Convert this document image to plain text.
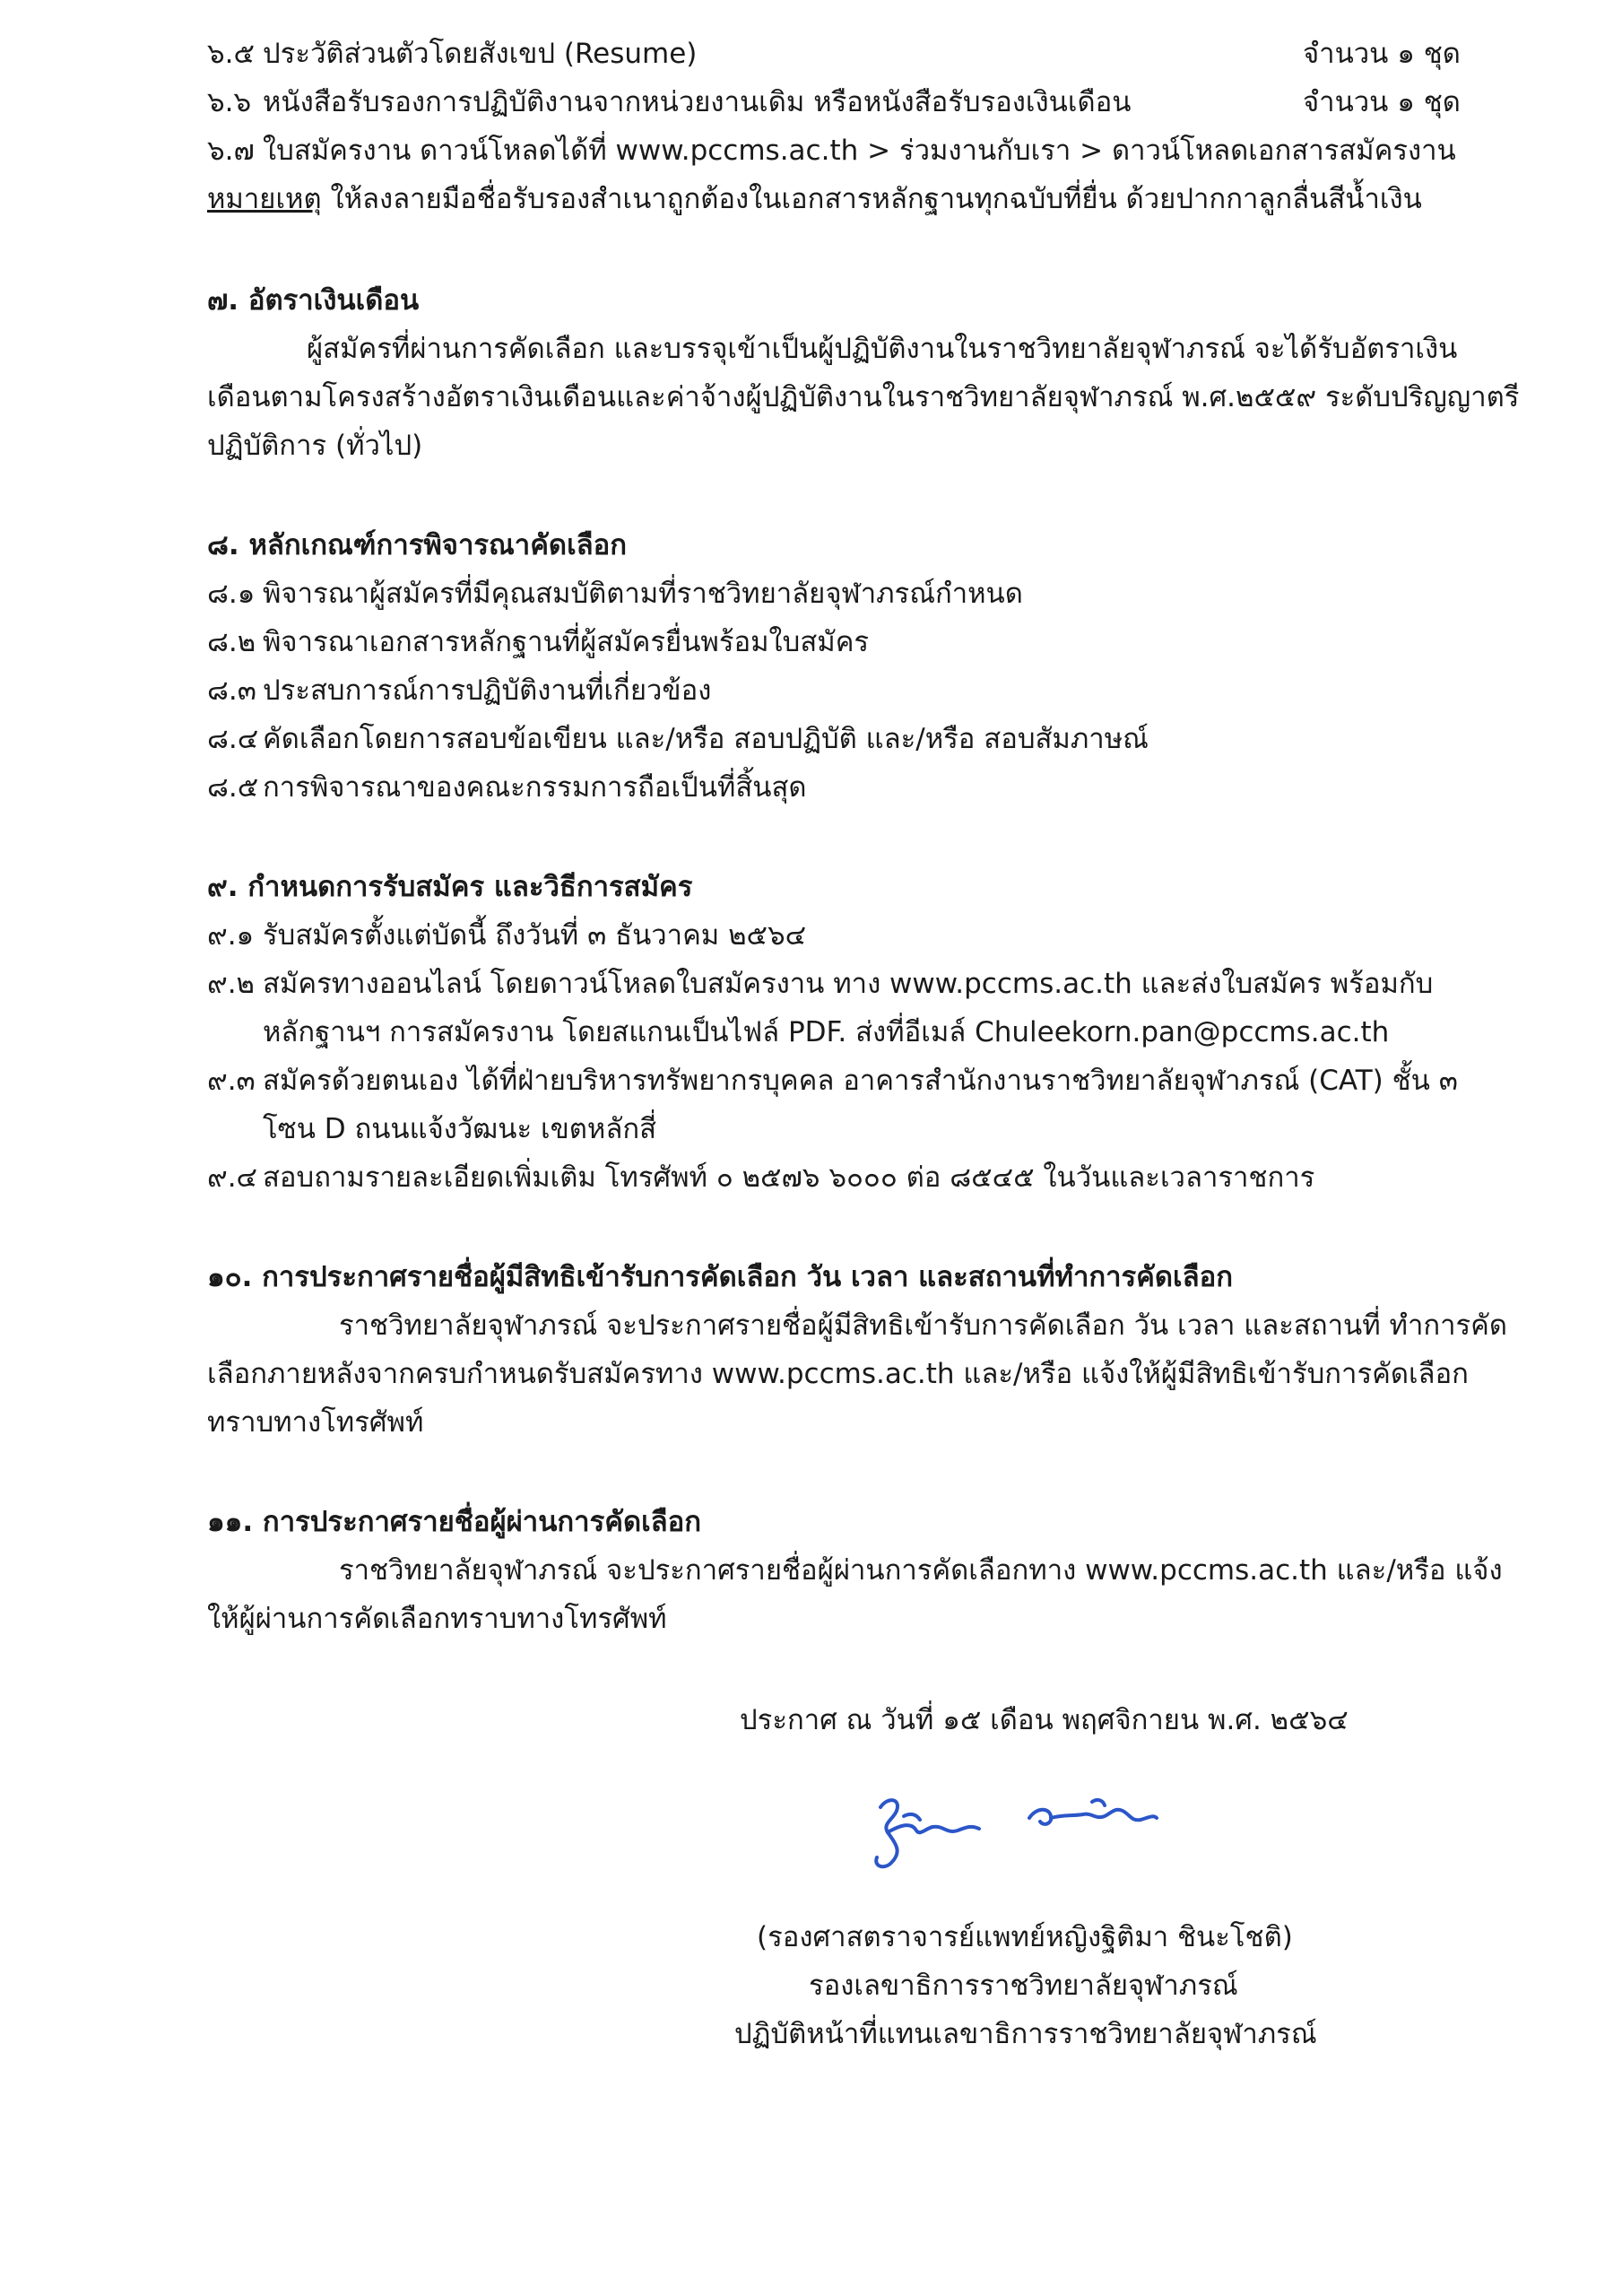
๖.๕ ประวัติส่วนตัวโดยสังเขป (Resume)	จำนวน ๑ ชุด
๖.๖ หนังสือรับรองการปฏิบัติงานจากหน่วยงานเดิม หรือหนังสือรับรองเงินเดือน	จำนวน ๑ ชุด
๖.๗ ใบสมัครงาน ดาวน์โหลดได้ที่ www.pccms.ac.th > ร่วมงานกับเรา > ดาวน์โหลดเอกสารสมัครงาน
หมายเหตุ ให้ลงลายมือชื่อรับรองสำเนาถูกต้องในเอกสารหลักฐานทุกฉบับที่ยื่น ด้วยปากกาลูกลื่นสีน้ำเงิน
๗. อัตราเงินเดือน
ผู้สมัครที่ผ่านการคัดเลือก และบรรจุเข้าเป็นผู้ปฏิบัติงานในราชวิทยาลัยจุฬาภรณ์ จะได้รับอัตราเงิน
เดือนตามโครงสร้างอัตราเงินเดือนและค่าจ้างผู้ปฏิบัติงานในราชวิทยาลัยจุฬาภรณ์ พ.ศ.๒๕๕๙ ระดับปริญญาตรี
ปฏิบัติการ (ทั่วไป)
๘. หลักเกณฑ์การพิจารณาคัดเลือก
๘.๑ พิจารณาผู้สมัครที่มีคุณสมบัติตามที่ราชวิทยาลัยจุฬาภรณ์กำหนด
๘.๒ พิจารณาเอกสารหลักฐานที่ผู้สมัครยื่นพร้อมใบสมัคร
๘.๓ ประสบการณ์การปฏิบัติงานที่เกี่ยวข้อง
๘.๔ คัดเลือกโดยการสอบข้อเขียน และ/หรือ สอบปฏิบัติ และ/หรือ สอบสัมภาษณ์
๘.๕ การพิจารณาของคณะกรรมการถือเป็นที่สิ้นสุด
๙. กำหนดการรับสมัคร และวิธีการสมัคร
๙.๑ รับสมัครตั้งแต่บัดนี้ ถึงวันที่ ๓ ธันวาคม ๒๕๖๔
๙.๒ สมัครทางออนไลน์ โดยดาวน์โหลดใบสมัครงาน ทาง www.pccms.ac.th และส่งใบสมัคร พร้อมกับ
หลักฐานฯ การสมัครงาน โดยสแกนเป็นไฟล์ PDF. ส่งที่อีเมล์ Chuleekorn.pan@pccms.ac.th
๙.๓ สมัครด้วยตนเอง ได้ที่ฝ่ายบริหารทรัพยากรบุคคล อาคารสำนักงานราชวิทยาลัยจุฬาภรณ์ (CAT) ชั้น ๓
โซน D ถนนแจ้งวัฒนะ เขตหลักสี่
๙.๔ สอบถามรายละเอียดเพิ่มเติม โทรศัพท์ ๐ ๒๕๗๖ ๖๐๐๐ ต่อ ๘๕๔๕ ในวันและเวลาราชการ
๑๐. การประกาศรายชื่อผู้มีสิทธิเข้ารับการคัดเลือก วัน เวลา และสถานที่ทำการคัดเลือก
ราชวิทยาลัยจุฬาภรณ์ จะประกาศรายชื่อผู้มีสิทธิเข้ารับการคัดเลือก วัน เวลา และสถานที่ ทำการคัด
เลือกภายหลังจากครบกำหนดรับสมัครทาง www.pccms.ac.th และ/หรือ แจ้งให้ผู้มีสิทธิเข้ารับการคัดเลือก
ทราบทางโทรศัพท์
๑๑. การประกาศรายชื่อผู้ผ่านการคัดเลือก
ราชวิทยาลัยจุฬาภรณ์ จะประกาศรายชื่อผู้ผ่านการคัดเลือกทาง www.pccms.ac.th และ/หรือ แจ้ง
ให้ผู้ผ่านการคัดเลือกทราบทางโทรศัพท์
ประกาศ ณ วันที่ ๑๕ เดือน พฤศจิกายน พ.ศ. ๒๕๖๔
(รองศาสตราจารย์แพทย์หญิงฐิติมา ชินะโชติ)
รองเลขาธิการราชวิทยาลัยจุฬาภรณ์
ปฏิบัติหน้าที่แทนเลขาธิการราชวิทยาลัยจุฬาภรณ์
